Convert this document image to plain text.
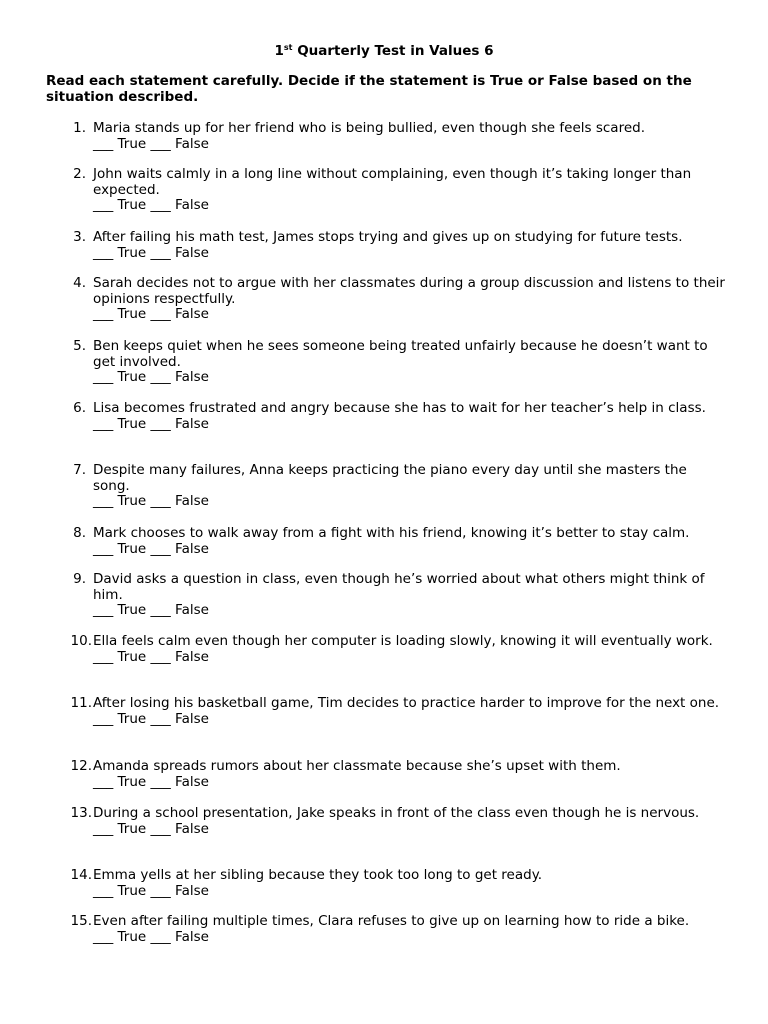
1st Quarterly Test in Values 6
Read each statement carefully. Decide if the statement is True or False based on the situation described.
1. Maria stands up for her friend who is being bullied, even though she feels scared.
___ True ___ False
2. John waits calmly in a long line without complaining, even though it’s taking longer than expected.
___ True ___ False
3. After failing his math test, James stops trying and gives up on studying for future tests.
___ True ___ False
4. Sarah decides not to argue with her classmates during a group discussion and listens to their opinions respectfully.
___ True ___ False
5. Ben keeps quiet when he sees someone being treated unfairly because he doesn’t want to get involved.
___ True ___ False
6. Lisa becomes frustrated and angry because she has to wait for her teacher’s help in class.
___ True ___ False
7. Despite many failures, Anna keeps practicing the piano every day until she masters the song.
___ True ___ False
8. Mark chooses to walk away from a fight with his friend, knowing it’s better to stay calm.
___ True ___ False
9. David asks a question in class, even though he’s worried about what others might think of him.
___ True ___ False
10. Ella feels calm even though her computer is loading slowly, knowing it will eventually work.
___ True ___ False
11. After losing his basketball game, Tim decides to practice harder to improve for the next one.
___ True ___ False
12. Amanda spreads rumors about her classmate because she’s upset with them.
___ True ___ False
13. During a school presentation, Jake speaks in front of the class even though he is nervous.
___ True ___ False
14. Emma yells at her sibling because they took too long to get ready.
___ True ___ False
15. Even after failing multiple times, Clara refuses to give up on learning how to ride a bike.
___ True ___ False
